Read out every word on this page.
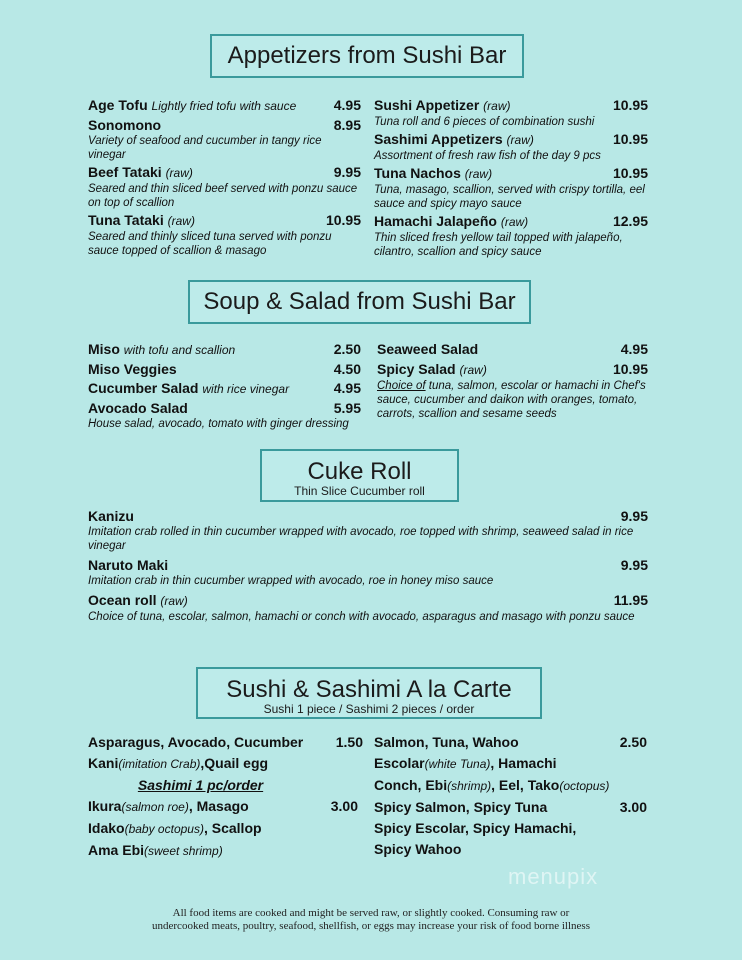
Appetizers from Sushi Bar
Age Tofu Lightly fried tofu with sauce	4.95
Sonomono	8.95
Variety of seafood and cucumber in tangy rice vinegar
Beef Tataki (raw)	9.95
Seared and thin sliced beef served with ponzu sauce on top of scallion
Tuna Tataki (raw)	10.95
Seared and thinly sliced tuna served with ponzu sauce topped of scallion & masago
Sushi Appetizer (raw)	10.95
Tuna roll and 6 pieces of combination sushi
Sashimi Appetizers (raw)	10.95
Assortment of fresh raw fish of the day 9 pcs
Tuna Nachos (raw)	10.95
Tuna, masago, scallion, served with crispy tortilla, eel sauce and spicy mayo sauce
Hamachi Jalapeño (raw)	12.95
Thin sliced fresh yellow tail topped with jalapeño, cilantro, scallion and spicy sauce
Soup & Salad from Sushi Bar
Miso with tofu and scallion	2.50
Miso Veggies	4.50
Cucumber Salad with rice vinegar	4.95
Avocado Salad	5.95
House salad, avocado, tomato with ginger dressing
Seaweed Salad	4.95
Spicy Salad (raw)	10.95
Choice of tuna, salmon, escolar or hamachi in Chef's sauce, cucumber and daikon with oranges, tomato, carrots, scallion and sesame seeds
Cuke Roll
Thin Slice Cucumber roll
Kanizu	9.95
Imitation crab rolled in thin cucumber wrapped with avocado, roe topped with shrimp, seaweed salad in rice vinegar
Naruto Maki	9.95
Imitation crab in thin cucumber wrapped with avocado, roe in honey miso sauce
Ocean roll (raw)	11.95
Choice of tuna, escolar, salmon, hamachi or conch with avocado, asparagus and masago with ponzu sauce
Sushi & Sashimi A la Carte
Sushi 1 piece / Sashimi 2 pieces / order
Asparagus, Avocado, Cucumber 1.50
Kani(imitation Crab),Quail egg
Sashimi 1 pc/order
Ikura(salmon roe), Masago	3.00
Idako(baby octopus), Scallop
Ama Ebi(sweet shrimp)
Salmon, Tuna, Wahoo	2.50
Escolar(white Tuna), Hamachi
Conch, Ebi(shrimp), Eel, Tako(octopus)
Spicy Salmon, Spicy Tuna	3.00
Spicy Escolar, Spicy Hamachi,
Spicy Wahoo
menupix
All food items are cooked and might be served raw, or slightly cooked. Consuming raw or
undercooked meats, poultry, seafood, shellfish, or eggs may increase your risk of food borne illness
